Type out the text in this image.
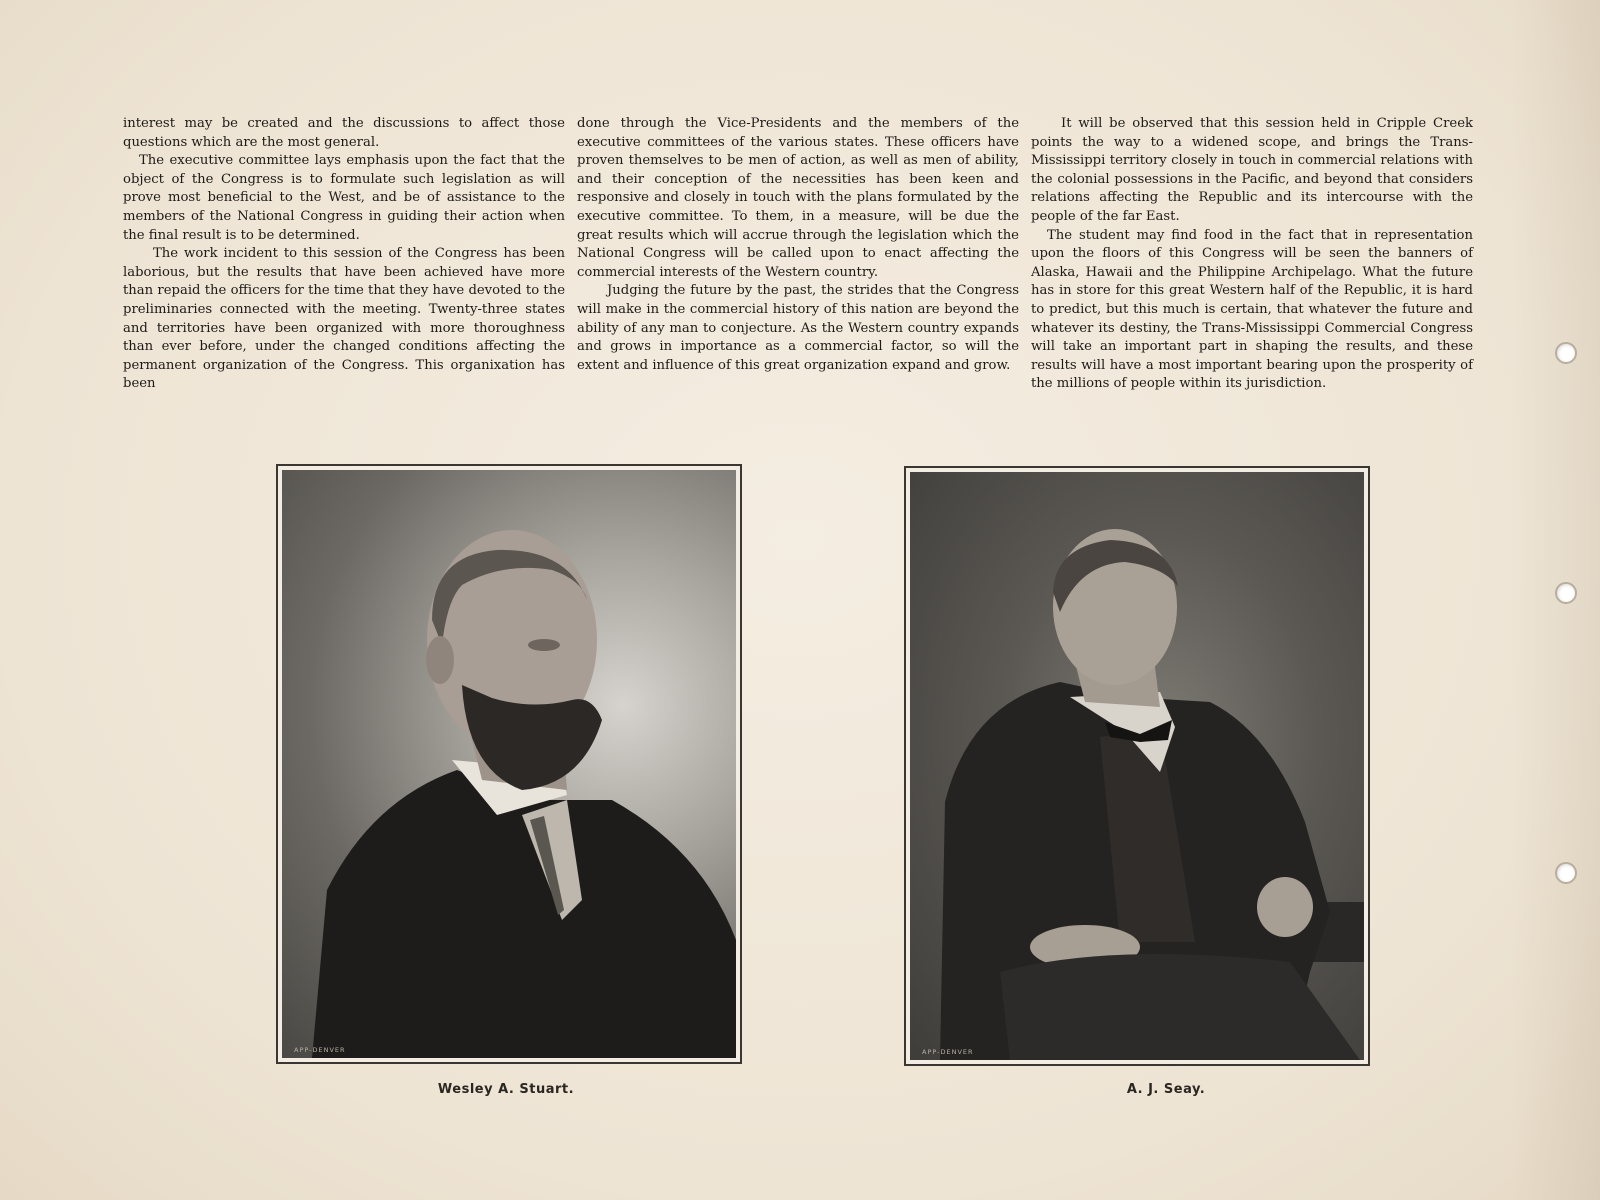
interest may be created and the discussions to affect those questions which are the most general.

The executive committee lays emphasis upon the fact that the object of the Congress is to formulate such legislation as will prove most beneficial to the West, and be of assistance to the members of the National Congress in guiding their action when the final result is to be determined.

The work incident to this session of the Congress has been laborious, but the results that have been achieved have more than repaid the officers for the time that they have devoted to the preliminaries connected with the meeting. Twenty-three states and territories have been organized with more thoroughness than ever before, under the changed conditions affecting the permanent organization of the Congress. This organixation has been

done through the Vice-Presidents and the members of the executive committees of the various states. These officers have proven themselves to be men of action, as well as men of ability, and their conception of the necessities has been keen and responsive and closely in touch with the plans formulated by the executive committee. To them, in a measure, will be due the great results which will accrue through the legislation which the National Congress will be called upon to enact affecting the commercial interests of the Western country.

Judging the future by the past, the strides that the Congress will make in the commercial history of this nation are beyond the ability of any man to conjecture. As the Western country expands and grows in importance as a commercial factor, so will the extent and influence of this great organization expand and grow.

It will be observed that this session held in Cripple Creek points the way to a widened scope, and brings the Trans-Mississippi territory closely in touch in commercial relations with the colonial possessions in the Pacific, and beyond that considers relations affecting the Republic and its intercourse with the people of the far East.

The student may find food in the fact that in representation upon the floors of this Congress will be seen the banners of Alaska, Hawaii and the Philippine Archipelago. What the future has in store for this great Western half of the Republic, it is hard to predict, but this much is certain, that whatever the future and whatever its destiny, the Trans-Mississippi Commercial Congress will take an important part in shaping the results, and these results will have a most important bearing upon the prosperity of the millions of people within its jurisdiction.

APP-DENVER
Wesley A. Stuart.
APP-DENVER
A. J. Seay.
